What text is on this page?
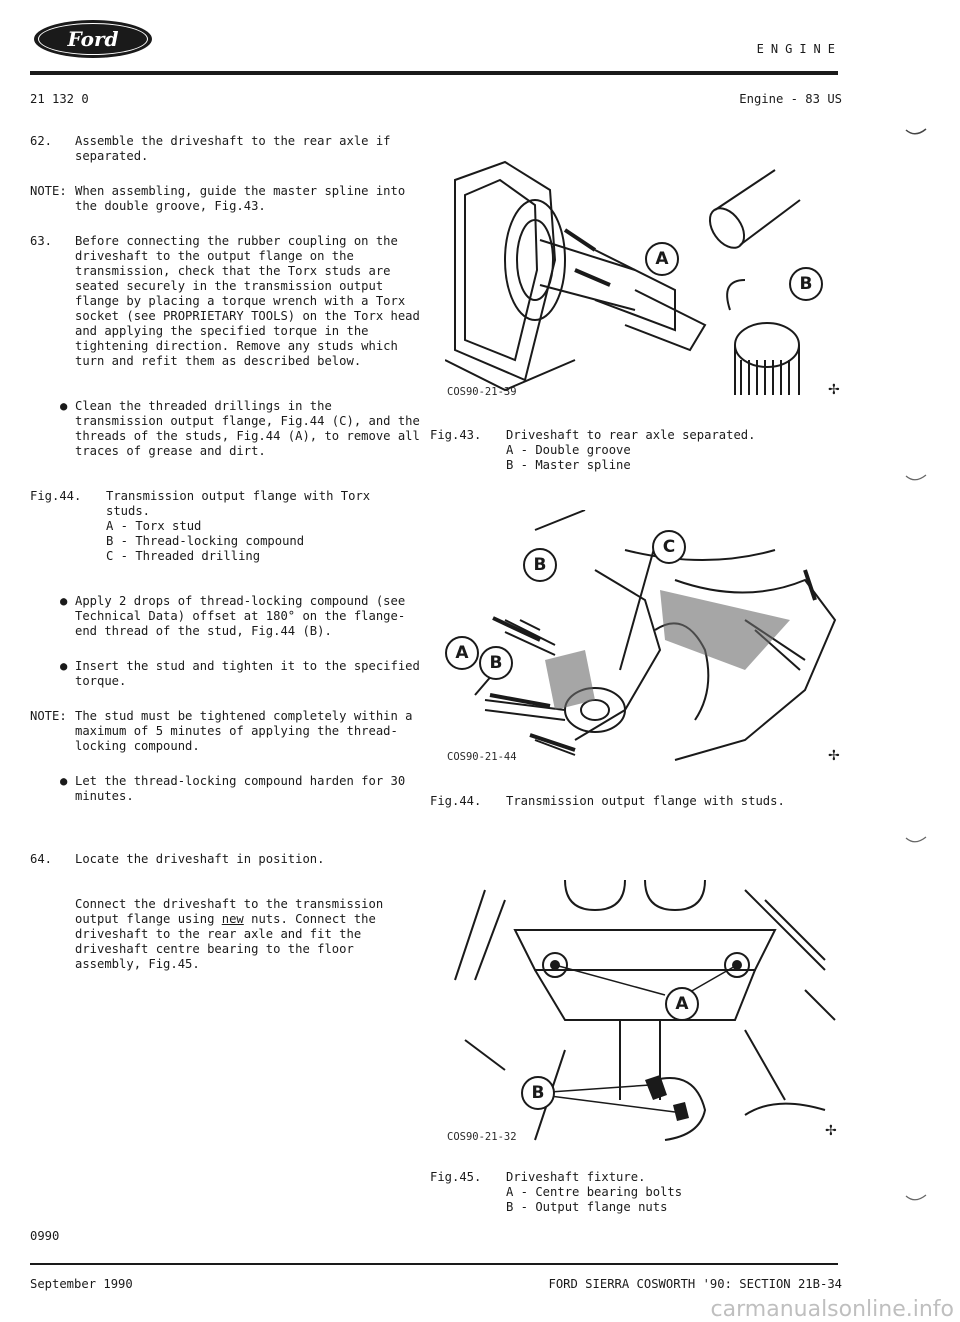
Ford	ENGINE
21 132 0	Engine - 83 US
62.	Assemble the driveshaft to the rear axle if separated.
NOTE: When assembling, guide the master spline into the double groove, Fig.43.
63.	Before connecting the rubber coupling on the driveshaft to the output flange on the transmission, check that the Torx studs are seated securely in the transmission output flange by placing a torque wrench with a Torx socket (see PROPRIETARY TOOLS) on the Torx head and applying the specified torque in the tightening direction. Remove any studs which turn and refit them as described below.
● Clean the threaded drillings in the transmission output flange, Fig.44 (C), and the threads of the studs, Fig.44 (A), to remove all traces of grease and dirt.
Fig.44.	Transmission output flange with Torx studs.
A - Torx stud
B - Thread-locking compound
C - Threaded drilling
● Apply 2 drops of thread-locking compound (see Technical Data) offset at 180° on the flange-end thread of the stud, Fig.44 (B).
● Insert the stud and tighten it to the specified torque.
NOTE: The stud must be tightened completely within a maximum of 5 minutes of applying the thread-locking compound.
● Let the thread-locking compound harden for 30 minutes.
64.	Locate the driveshaft in position.
Connect the driveshaft to the transmission output flange using new nuts. Connect the driveshaft to the rear axle and fit the driveshaft centre bearing to the floor assembly, Fig.45.
✢
A
B
COS90-21-39
Fig.43.	Driveshaft to rear axle separated.
A - Double groove
B - Master spline
✢
B
C
A	B
COS90-21-44
Fig.44.	Transmission output flange with studs.
✢
A
B
COS90-21-32
Fig.45.	Driveshaft fixture.
A - Centre bearing bolts
B - Output flange nuts
0990
September 1990	FORD SIERRA COSWORTH '90: SECTION 21B-34
carmanualsonline.info
